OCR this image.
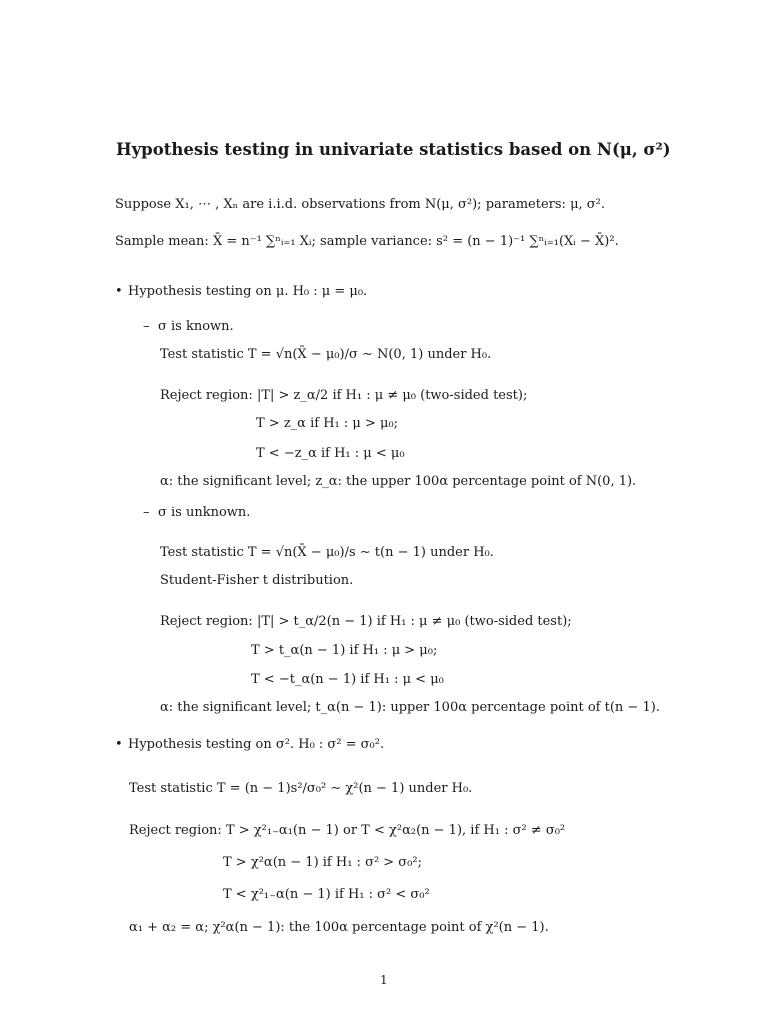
Hypothesis testing in univariate statistics based on N(μ, σ²)
Suppose X₁, ⋯ , Xₙ are i.i.d. observations from N(μ, σ²); parameters: μ, σ².
Sample mean: X̄ = n⁻¹ ∑ⁿᵢ₌₁ Xᵢ; sample variance: s² = (n − 1)⁻¹ ∑ⁿᵢ₌₁(Xᵢ − X̄)².
• Hypothesis testing on μ. H₀ : μ = μ₀.
– σ is known.
Test statistic T = √n(X̄ − μ₀)/σ ∼ N(0, 1) under H₀.
Reject region: |T| > z_α/2 if H₁ : μ ≠ μ₀ (two-sided test);
T > z_α if H₁ : μ > μ₀;
T < −z_α if H₁ : μ < μ₀
α: the significant level; z_α: the upper 100α percentage point of N(0, 1).
– σ is unknown.
Test statistic T = √n(X̄ − μ₀)/s ∼ t(n − 1) under H₀.
Student-Fisher t distribution.
Reject region: |T| > t_α/2(n − 1) if H₁ : μ ≠ μ₀ (two-sided test);
T > t_α(n − 1) if H₁ : μ > μ₀;
T < −t_α(n − 1) if H₁ : μ < μ₀
α: the significant level; t_α(n − 1): upper 100α percentage point of t(n − 1).
• Hypothesis testing on σ². H₀ : σ² = σ₀².
Test statistic T = (n − 1)s²/σ₀² ∼ χ²(n − 1) under H₀.
Reject region: T > χ²₁₋α₁(n − 1) or T < χ²α₂(n − 1), if H₁ : σ² ≠ σ₀²
T > χ²α(n − 1) if H₁ : σ² > σ₀²;
T < χ²₁₋α(n − 1) if H₁ : σ² < σ₀²
α₁ + α₂ = α; χ²α(n − 1): the 100α percentage point of χ²(n − 1).
1
